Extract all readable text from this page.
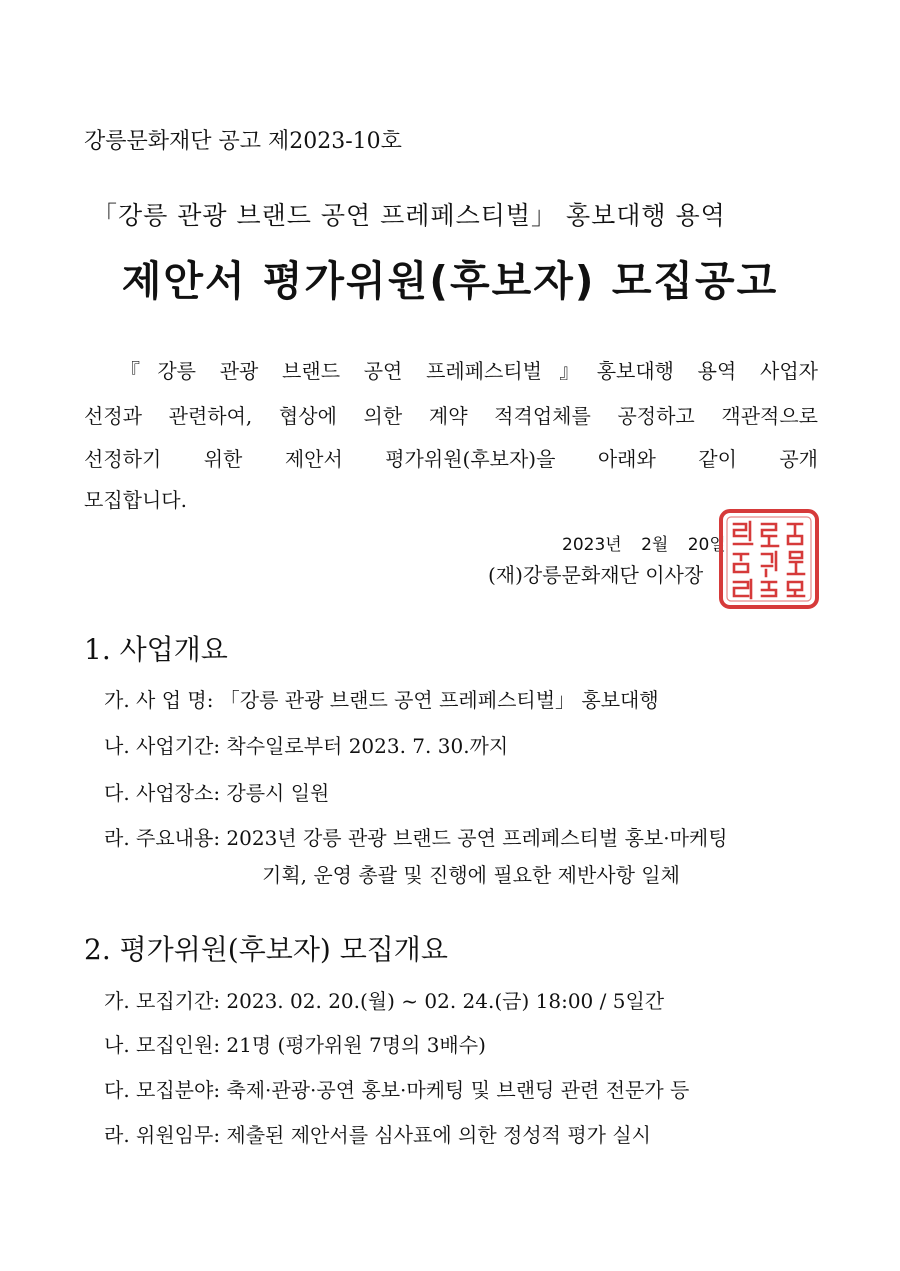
강릉문화재단 공고 제2023-10호
「강릉 관광 브랜드 공연 프레페스티벌」 홍보대행 용역
제안서 평가위원(후보자) 모집공고
『강릉 관광 브랜드 공연 프레페스티벌』홍보대행 용역 사업자
선정과 관련하여, 협상에 의한 계약 적격업체를 공정하고 객관적으로
선정하기 위한 제안서 평가위원(후보자)을 아래와 같이 공개
모집합니다.
2023년 2월 20일
(재)강릉문화재단 이사장
1. 사업개요
가. 사 업 명: 「강릉 관광 브랜드 공연 프레페스티벌」 홍보대행
나. 사업기간: 착수일로부터 2023. 7. 30.까지
다. 사업장소: 강릉시 일원
라. 주요내용: 2023년 강릉 관광 브랜드 공연 프레페스티벌 홍보·마케팅
기획, 운영 총괄 및 진행에 필요한 제반사항 일체
2. 평가위원(후보자) 모집개요
가. 모집기간: 2023. 02. 20.(월) ~ 02. 24.(금) 18:00 / 5일간
나. 모집인원: 21명 (평가위원 7명의 3배수)
다. 모집분야: 축제·관광·공연 홍보·마케팅 및 브랜딩 관련 전문가 등
라. 위원임무: 제출된 제안서를 심사표에 의한 정성적 평가 실시
